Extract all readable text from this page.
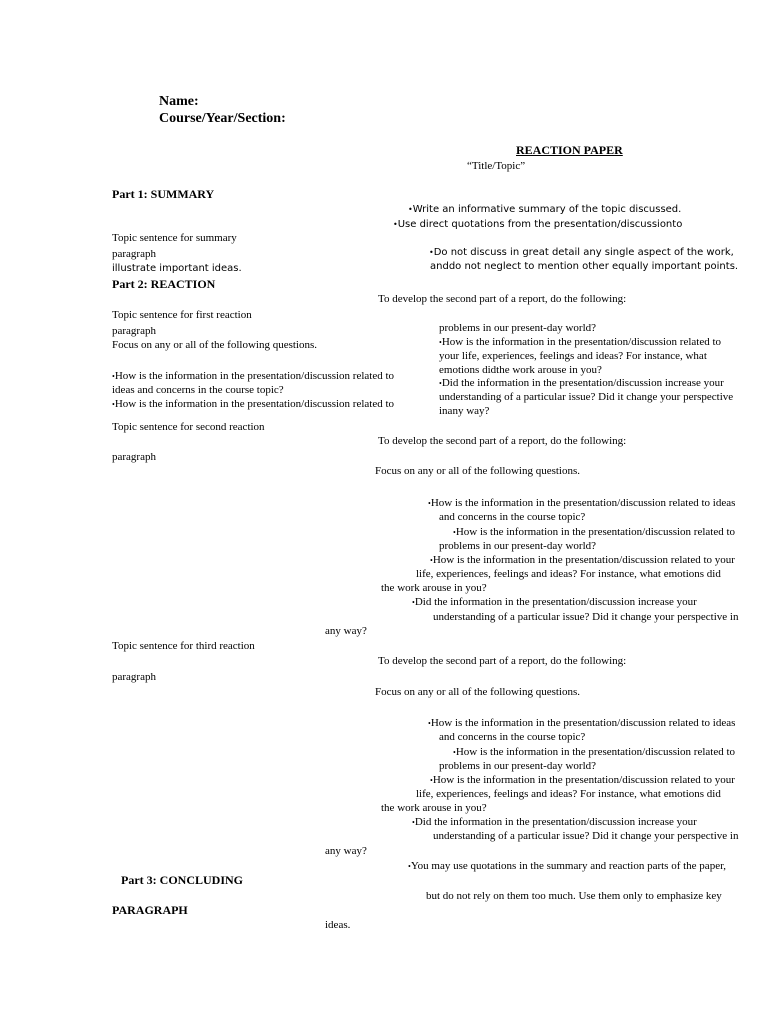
Name:
Course/Year/Section:
REACTION PAPER
“Title/Topic”
Part 1: SUMMARY
•Write an informative summary of the topic discussed.
•Use direct quotations from the presentation/discussionto
Topic sentence for summary
paragraph
illustrate important ideas.
•Do not discuss in great detail any single aspect of the work,
anddo not neglect to mention other equally important points.
Part 2: REACTION
To develop the second part of a report, do the following:
Topic sentence for first reaction
paragraph
Focus on any or all of the following questions.
problems in our present-day world?
•How is the information in the presentation/discussion related to
your life, experiences, feelings and ideas? For instance, what
emotions didthe work arouse in you?
•Did the information in the presentation/discussion increase your
understanding of a particular issue? Did it change your perspective
inany way?
•How is the information in the presentation/discussion related to
ideas and concerns in the course topic?
•How is the information in the presentation/discussion related to
Topic sentence for second reaction
To develop the second part of a report, do the following:
paragraph
Focus on any or all of the following questions.
•How is the information in the presentation/discussion related to ideas
and concerns in the course topic?
•How is the information in the presentation/discussion related to
problems in our present-day world?
•How is the information in the presentation/discussion related to your
life, experiences, feelings and ideas? For instance, what emotions did
the work arouse in you?
•Did the information in the presentation/discussion increase your
understanding of a particular issue? Did it change your perspective in
any way?
Topic sentence for third reaction
To develop the second part of a report, do the following:
paragraph
Focus on any or all of the following questions.
•How is the information in the presentation/discussion related to ideas
and concerns in the course topic?
•How is the information in the presentation/discussion related to
problems in our present-day world?
•How is the information in the presentation/discussion related to your
life, experiences, feelings and ideas? For instance, what emotions did
the work arouse in you?
•Did the information in the presentation/discussion increase your
understanding of a particular issue? Did it change your perspective in
any way?
•You may use quotations in the summary and reaction parts of the paper,
Part 3: CONCLUDING
but do not rely on them too much. Use them only to emphasize key
PARAGRAPH
ideas.
